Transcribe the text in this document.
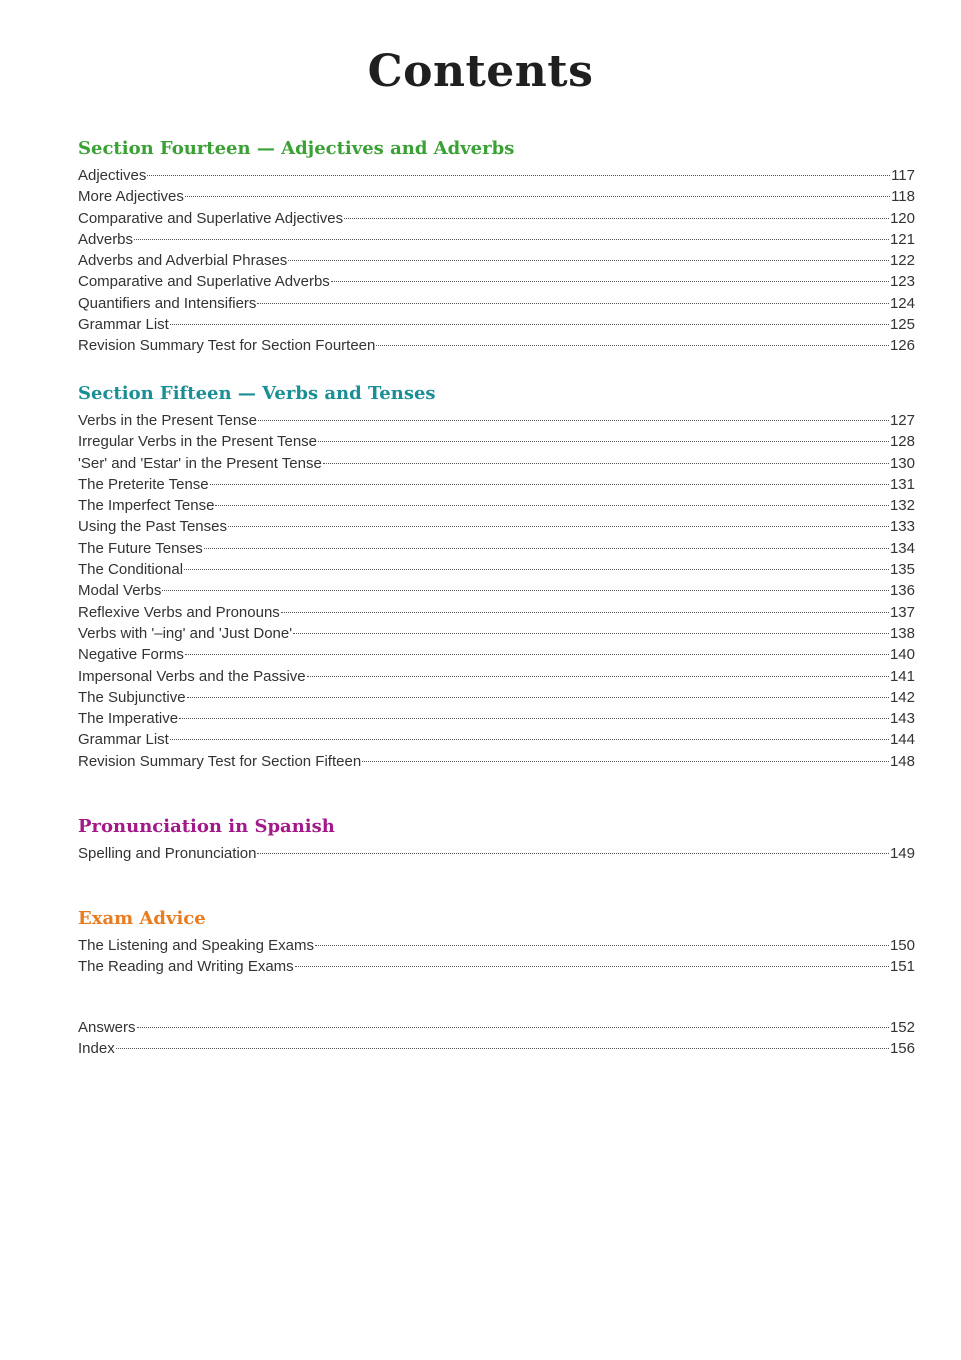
Contents
Section Fourteen — Adjectives and Adverbs
Adjectives	117
More Adjectives	118
Comparative and Superlative Adjectives	120
Adverbs	121
Adverbs and Adverbial Phrases	122
Comparative and Superlative Adverbs	123
Quantifiers and Intensifiers	124
Grammar List	125
Revision Summary Test for Section Fourteen	126
Section Fifteen — Verbs and Tenses
Verbs in the Present Tense	127
Irregular Verbs in the Present Tense	128
'Ser' and 'Estar' in the Present Tense	130
The Preterite Tense	131
The Imperfect Tense	132
Using the Past Tenses	133
The Future Tenses	134
The Conditional	135
Modal Verbs	136
Reflexive Verbs and Pronouns	137
Verbs with '–ing' and 'Just Done'	138
Negative Forms	140
Impersonal Verbs and the Passive	141
The Subjunctive	142
The Imperative	143
Grammar List	144
Revision Summary Test for Section Fifteen	148
Pronunciation in Spanish
Spelling and Pronunciation	149
Exam Advice
The Listening and Speaking Exams	150
The Reading and Writing Exams	151
Answers	152
Index	156
